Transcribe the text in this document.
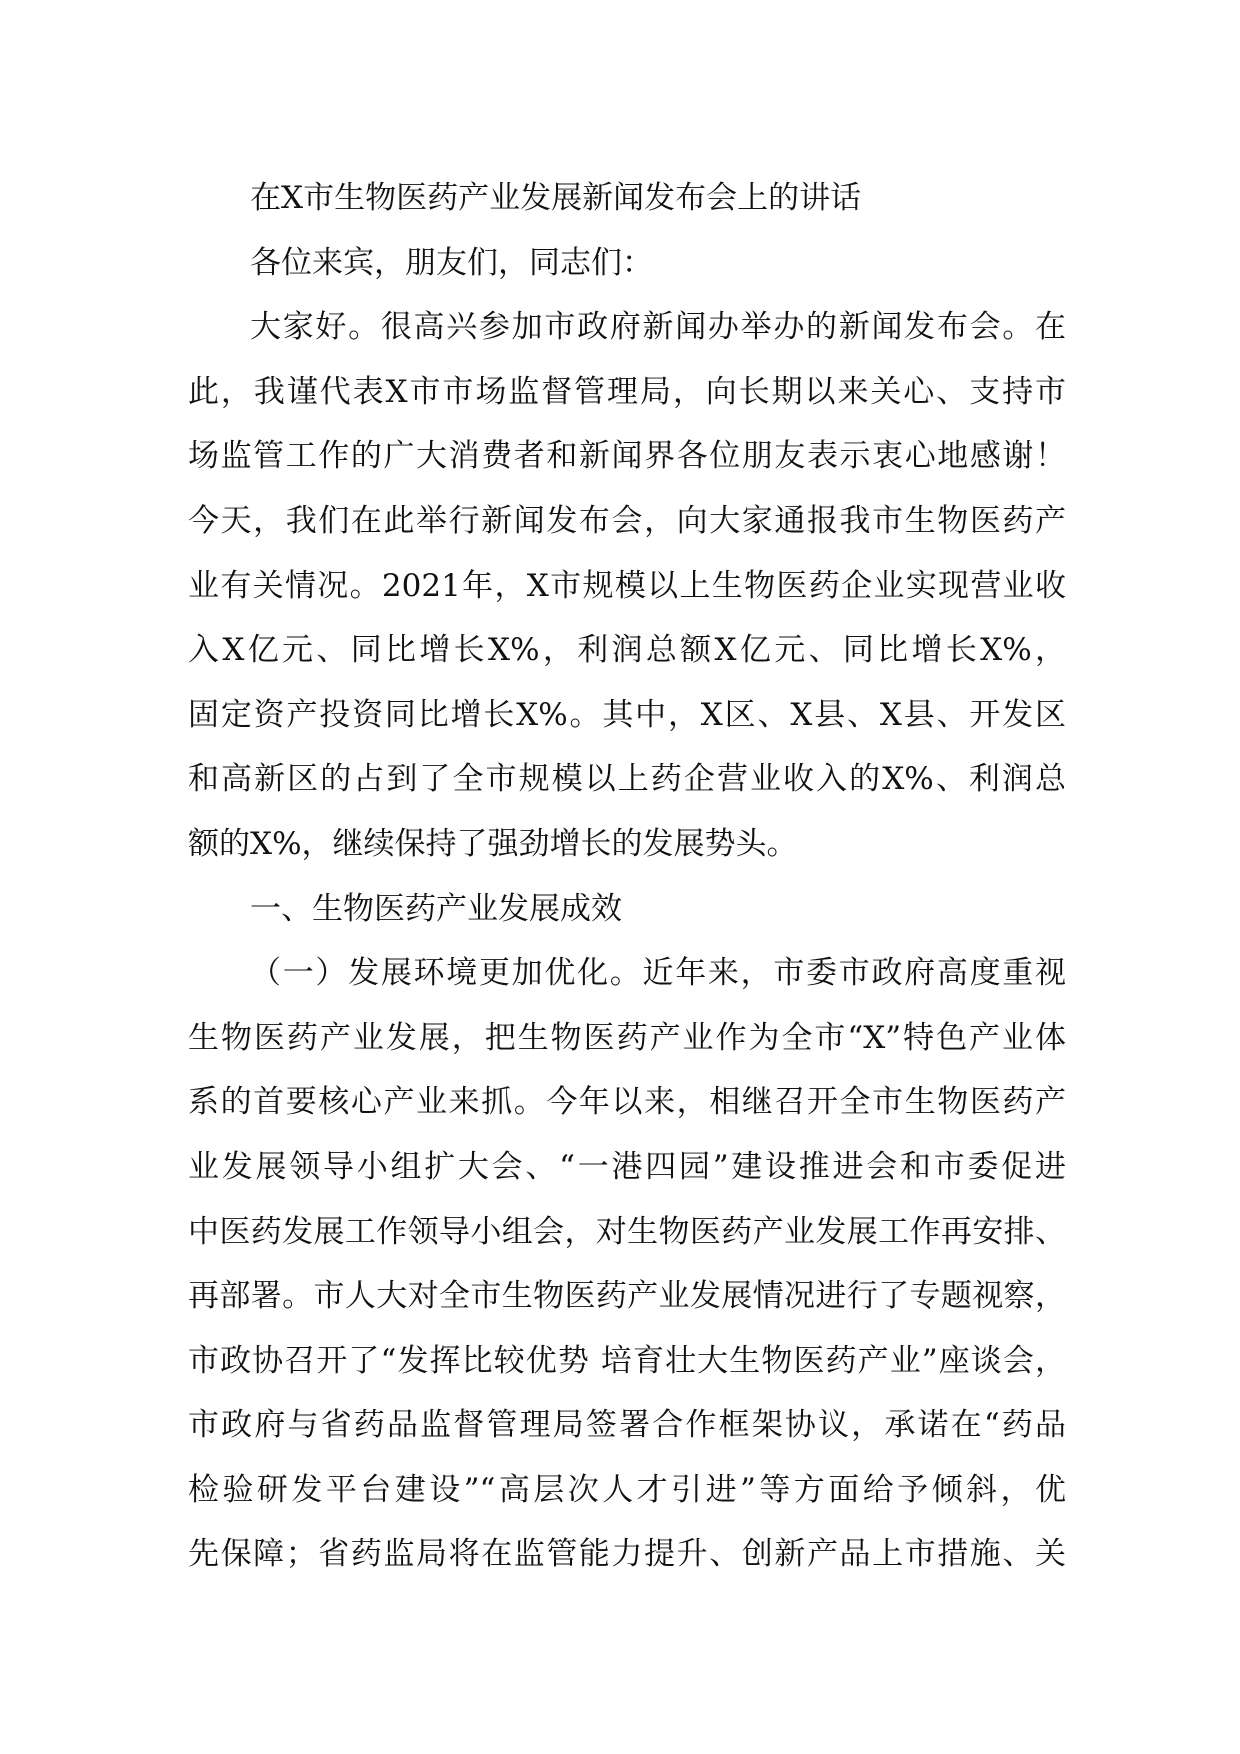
在X市生物医药产业发展新闻发布会上的讲话
各位来宾，朋友们，同志们：
大家好。很高兴参加市政府新闻办举办的新闻发布会。在
此，我谨代表X市市场监督管理局，向长期以来关心、支持市
场监管工作的广大消费者和新闻界各位朋友表示衷心地感谢！
今天，我们在此举行新闻发布会，向大家通报我市生物医药产
业有关情况。2021年，X市规模以上生物医药企业实现营业收
入X亿元、同比增长X%，利润总额X亿元、同比增长X%，
固定资产投资同比增长X%。其中，X区、X县、X县、开发区
和高新区的占到了全市规模以上药企营业收入的X%、利润总
额的X%，继续保持了强劲增长的发展势头。
一、生物医药产业发展成效
（一）发展环境更加优化。近年来，市委市政府高度重视
生物医药产业发展，把生物医药产业作为全市“X”特色产业体
系的首要核心产业来抓。今年以来，相继召开全市生物医药产
业发展领导小组扩大会、“一港四园”建设推进会和市委促进
中医药发展工作领导小组会，对生物医药产业发展工作再安排、
再部署。市人大对全市生物医药产业发展情况进行了专题视察，
市政协召开了“发挥比较优势 培育壮大生物医药产业”座谈会，
市政府与省药品监督管理局签署合作框架协议，承诺在“药品
检验研发平台建设”“高层次人才引进”等方面给予倾斜，优
先保障；省药监局将在监管能力提升、创新产品上市措施、关
